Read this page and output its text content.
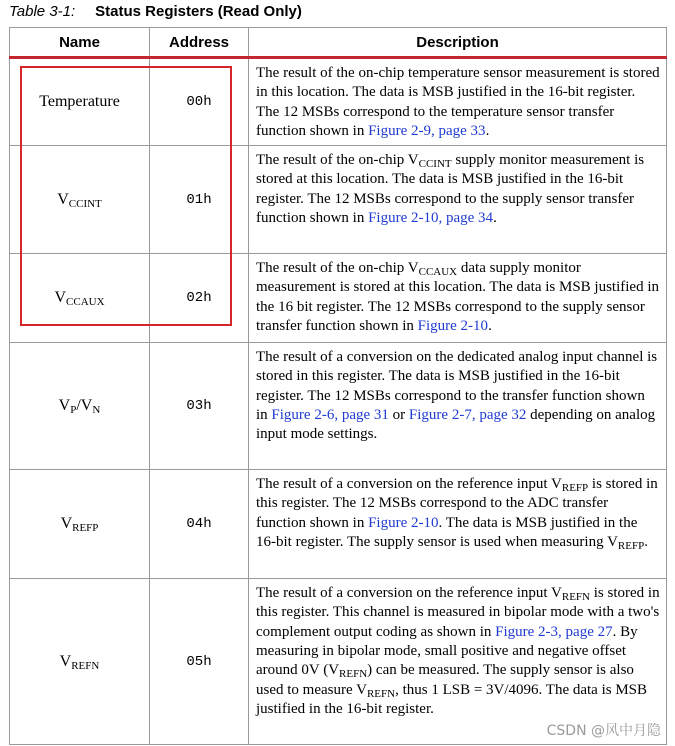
Table 3-1: Status Registers (Read Only)
Name	Address	Description
Temperature	00h	The result of the on-chip temperature sensor measurement is stored in this location. The data is MSB justified in the 16-bit register. The 12 MSBs correspond to the temperature sensor transfer function shown in Figure 2-9, page 33.
$V_{CCINT}$	01h	The result of the on-chip $V_{CCINT}$ supply monitor measurement is stored at this location. The data is MSB justified in the 16-bit register. The 12 MSBs correspond to the supply sensor transfer function shown in Figure 2-10, page 34.
$V_{CCAUX}$	02h	The result of the on-chip $V_{CCAUX}$ data supply monitor measurement is stored at this location. The data is MSB justified in the 16 bit register. The 12 MSBs correspond to the supply sensor transfer function shown in Figure 2-10.
$V_P/V_N$	03h	The result of a conversion on the dedicated analog input channel is stored in this register. The data is MSB justified in the 16-bit register. The 12 MSBs correspond to the transfer function shown in Figure 2-6, page 31 or Figure 2-7, page 32 depending on analog input mode settings.
$V_{REFP}$	04h	The result of a conversion on the reference input $V_{REFP}$ is stored in this register. The 12 MSBs correspond to the ADC transfer function shown in Figure 2-10. The data is MSB justified in the 16-bit register. The supply sensor is used when measuring $V_{REFP}$.
$V_{REFN}$	05h	The result of a conversion on the reference input $V_{REFN}$ is stored in this register. This channel is measured in bipolar mode with a two's complement output coding as shown in Figure 2-3, page 27. By measuring in bipolar mode, small positive and negative offset around 0V $(V_{REFN})$ can be measured. The supply sensor is also used to measure $V_{REFN}$, thus 1 LSB = 3V/4096. The data is MSB justified in the 16-bit register.
CSDN @风中月隐
